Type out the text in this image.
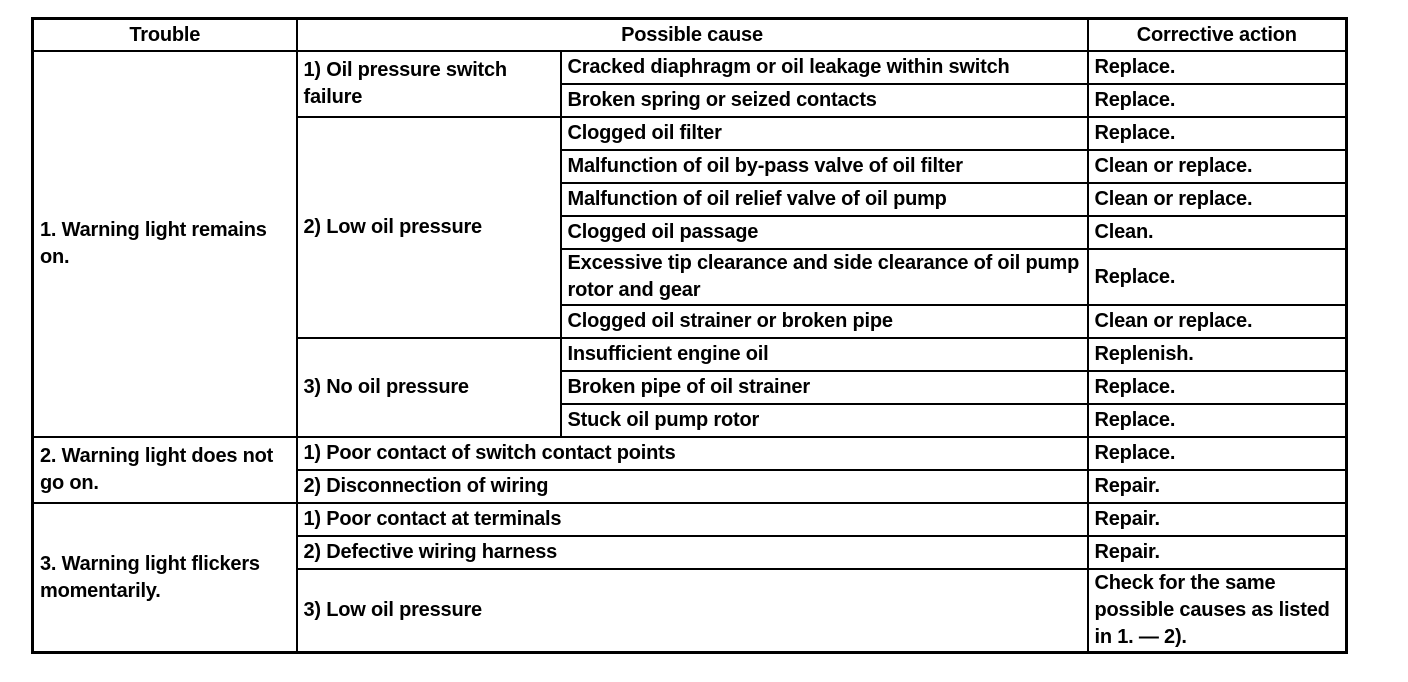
Trouble	Possible cause		Corrective action
1. Warning light remains on.	1) Oil pressure switch failure	Cracked diaphragm or oil leakage within switch	Replace.
		Broken spring or seized contacts	Replace.
	2) Low oil pressure	Clogged oil filter	Replace.
		Malfunction of oil by-pass valve of oil filter	Clean or replace.
		Malfunction of oil relief valve of oil pump	Clean or replace.
		Clogged oil passage	Clean.
		Excessive tip clearance and side clearance of oil pump rotor and gear	Replace.
		Clogged oil strainer or broken pipe	Clean or replace.
	3) No oil pressure	Insufficient engine oil	Replenish.
		Broken pipe of oil strainer	Replace.
		Stuck oil pump rotor	Replace.
2. Warning light does not go on.	1) Poor contact of switch contact points		Replace.
	2) Disconnection of wiring		Repair.
3. Warning light flickers momentarily.	1) Poor contact at terminals		Repair.
	2) Defective wiring harness		Repair.
	3) Low oil pressure		Check for the same possible causes as listed in 1. — 2).
